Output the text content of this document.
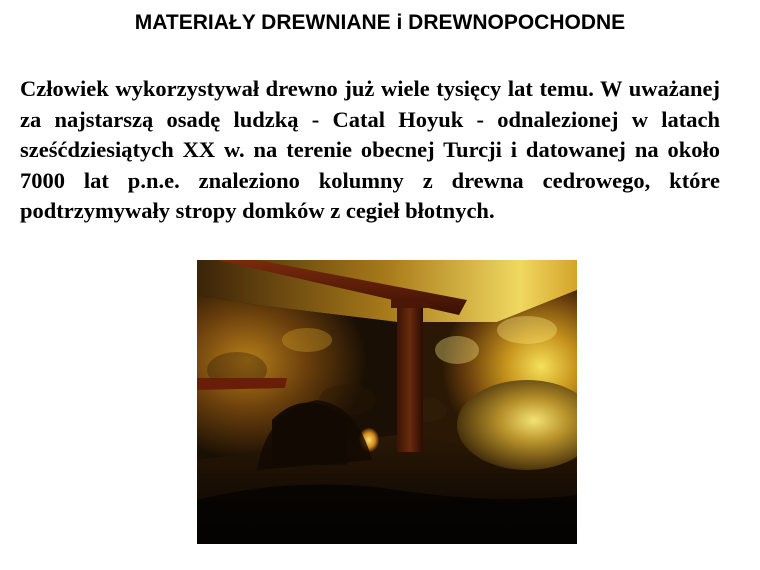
MATERIAŁY DREWNIANE i DREWNOPOCHODNE

Człowiek wykorzystywał drewno już wiele tysięcy lat temu. W uważanej za najstarszą osadę ludzką - Catal Hoyuk - odnalezionej w latach sześćdziesiątych XX w. na terenie obecnej Turcji i datowanej na około 7000 lat p.n.e. znaleziono kolumny z drewna cedrowego, które podtrzymywały stropy domków z cegieł błotnych.
